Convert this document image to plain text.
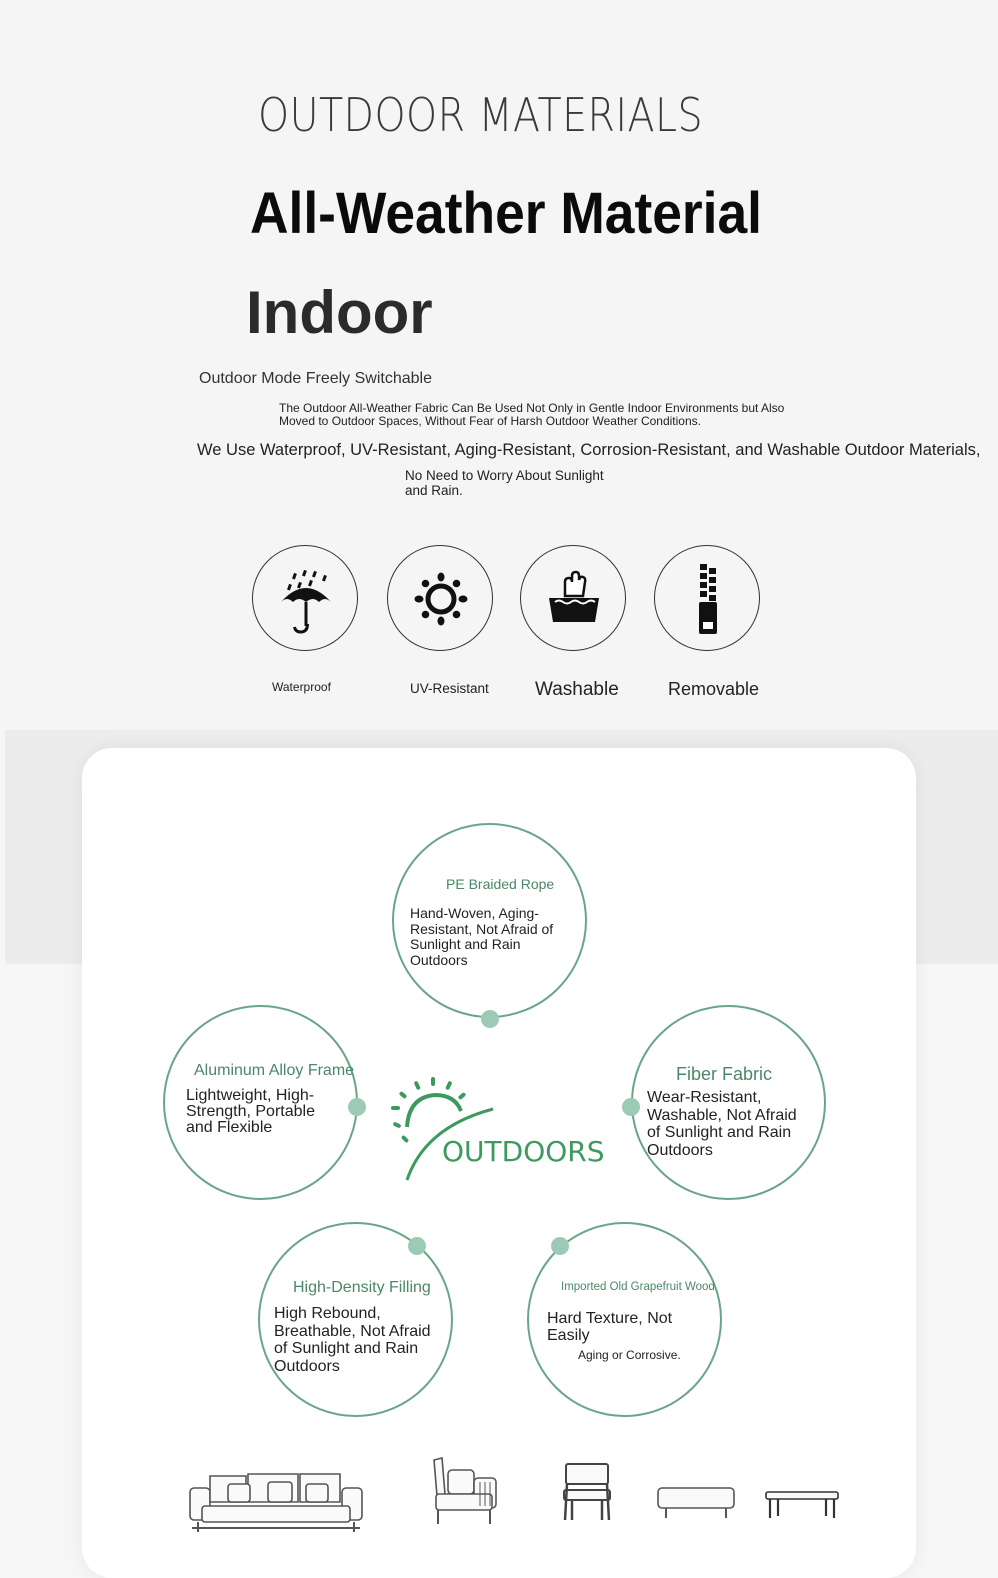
OUTDOOR MATERIALS
All-Weather Material
Indoor
Outdoor Mode Freely Switchable
The Outdoor All-Weather Fabric Can Be Used Not Only in Gentle Indoor Environments but Also Moved to Outdoor Spaces, Without Fear of Harsh Outdoor Weather Conditions.
We Use Waterproof, UV-Resistant, Aging-Resistant, Corrosion-Resistant, and Washable Outdoor Materials,
No Need to Worry About Sunlight and Rain.
Waterproof	UV-Resistant Washable	Removable
PE Braided Rope
Hand-Woven, Aging-Resistant, Not Afraid of Sunlight and Rain Outdoors
Aluminum Alloy Frame
Lightweight, High-Strength, Portable and Flexible
Fiber Fabric
Wear-Resistant, Washable, Not Afraid of Sunlight and Rain Outdoors
High-Density Filling
High Rebound, Breathable, Not Afraid of Sunlight and Rain Outdoors
Imported Old Grapefruit Wood
Hard Texture, Not Easily
Aging or Corrosive.
OUTDOORS
